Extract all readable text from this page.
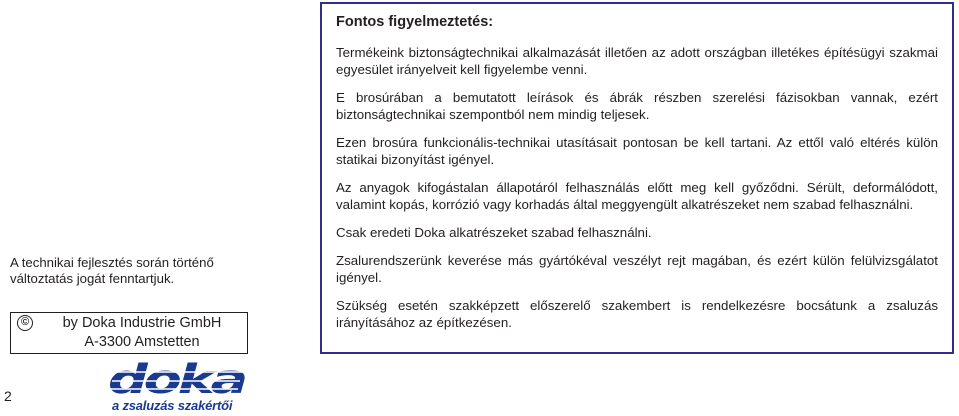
A technikai fejlesztés során történő változtatás jogát fenntartjuk.
©	by Doka Industrie GmbH
A-3300 Amstetten
2 doka
a zsaluzás szakértői
Fontos figyelmeztetés:

Termékeink biztonságtechnikai alkalmazását illetően az adott országban illetékes építésügyi szakmai egyesület irányelveit kell figyelembe venni.

E brosúrában a bemutatott leírások és ábrák részben szerelési fázisokban vannak, ezért biztonságtechnikai szempontból nem mindig teljesek.

Ezen brosúra funkcionális-technikai utasításait pontosan be kell tartani. Az ettől való eltérés külön statikai bizonyítást igényel.

Az anyagok kifogástalan állapotáról felhasználás előtt meg kell győződni. Sérült, deformálódott, valamint kopás, korrózió vagy korhadás által meggyengült alkatrészeket nem szabad felhasználni.

Csak eredeti Doka alkatrészeket szabad felhasználni.

Zsalurendszerünk keverése más gyártókéval veszélyt rejt magában, és ezért külön felülvizsgálatot igényel.

Szükség esetén szakképzett előszerelő szakembert is rendelkezésre bocsátunk a zsaluzás irányításához az építkezésen.
